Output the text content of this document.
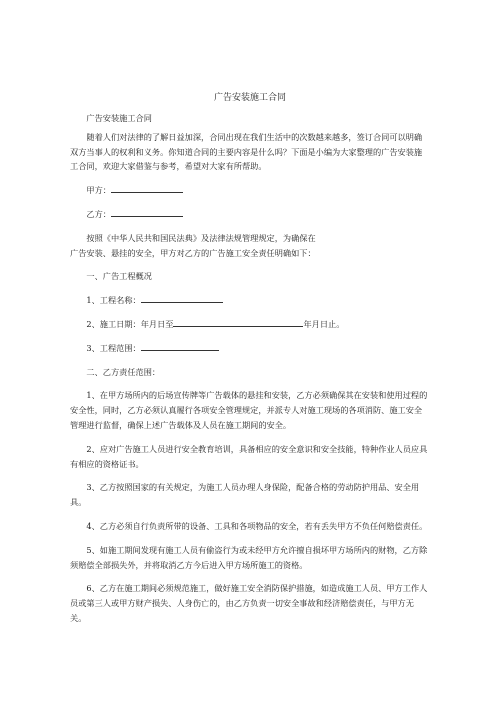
广告安装施工合同

广告安装施工合同

随着人们对法律的了解日益加深，合同出现在我们生活中的次数越来越多，签订合同可以明确双方当事人的权利和义务。你知道合同的主要内容是什么吗？下面是小编为大家整理的广告安装施工合同，欢迎大家借鉴与参考，希望对大家有所帮助。

甲方：

乙方：

按照《中华人民共和国民法典》及法律法规管理规定，为确保在

广告安装、悬挂的安全，甲方对乙方的广告施工安全责任明确如下：

一、广告工程概况

1、工程名称：

2、施工日期：年月日至	年月日止。

3、工程范围：

二、乙方责任范围：

1、在甲方场所内的后场宣传牌等广告载体的悬挂和安装，乙方必须确保其在安装和使用过程的安全性，同时，乙方必须认真履行各项安全管理规定，并派专人对施工现场的各项消防、施工安全管理进行监督，确保上述广告载体及人员在施工期间的安全。

2、应对广告施工人员进行安全教育培训，具备相应的安全意识和安全技能，特种作业人员应具有相应的资格证书。

3、乙方按照国家的有关规定，为施工人员办理人身保险，配备合格的劳动防护用品、安全用具。

4、乙方必须自行负责所带的设备、工具和各项物品的安全，若有丢失甲方不负任何赔偿责任。

5、如施工期间发现有施工人员有偷盗行为或未经甲方允许擅自损坏甲方场所内的财物，乙方除须赔偿全部损失外，并将取消乙方今后进入甲方场所施工的资格。

6、乙方在施工期间必须规范施工，做好施工安全消防保护措施，如造成施工人员、甲方工作人员或第三人或甲方财产损失、人身伤亡的，由乙方负责一切安全事故和经济赔偿责任，与甲方无关。
